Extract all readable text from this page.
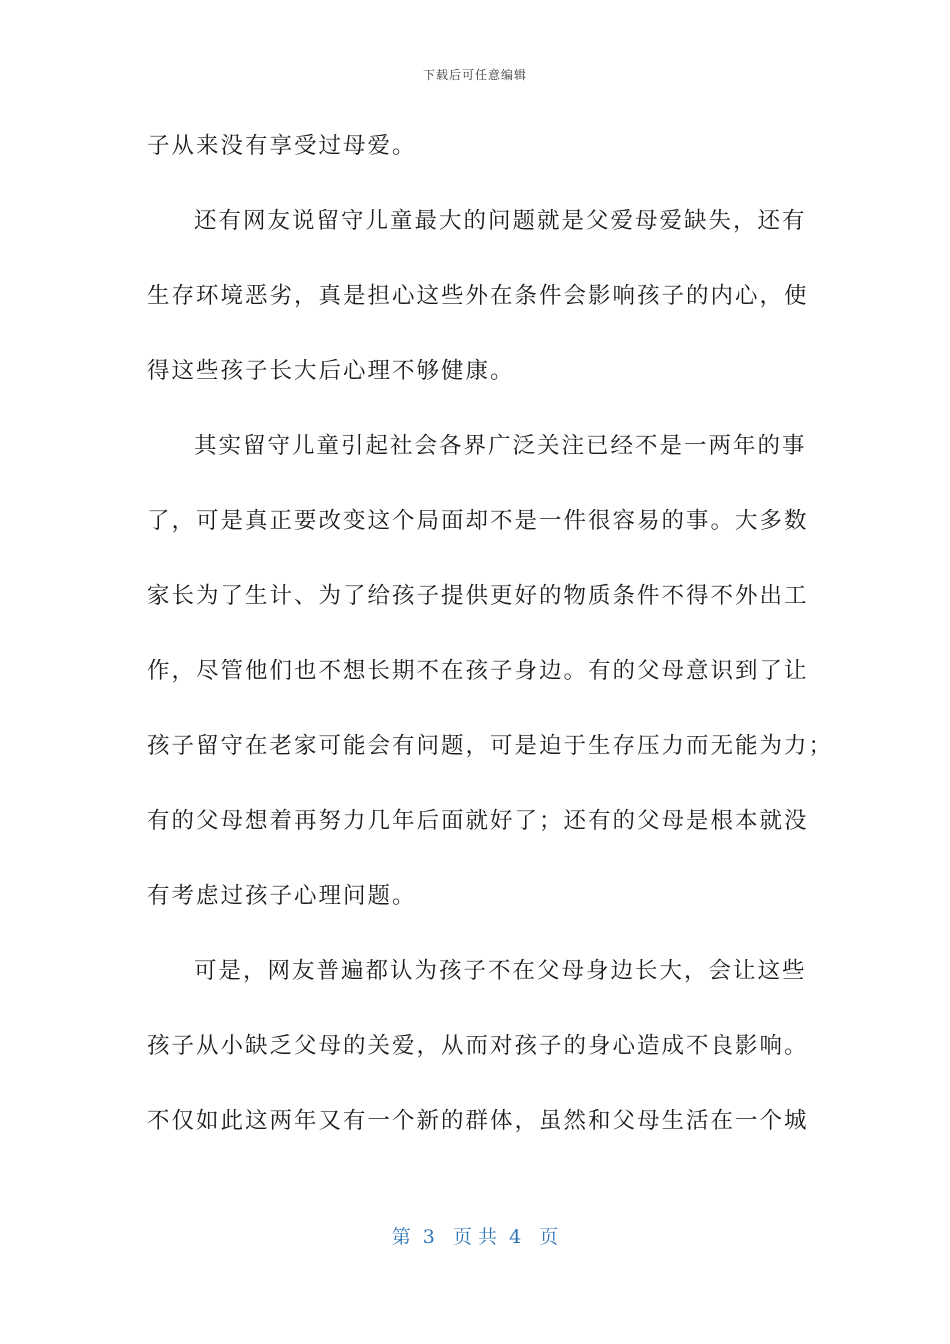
下载后可任意编辑
子从来没有享受过母爱。
还有网友说留守儿童最大的问题就是父爱母爱缺失，还有
生存环境恶劣，真是担心这些外在条件会影响孩子的内心，使
得这些孩子长大后心理不够健康。
其实留守儿童引起社会各界广泛关注已经不是一两年的事
了，可是真正要改变这个局面却不是一件很容易的事。大多数
家长为了生计、为了给孩子提供更好的物质条件不得不外出工
作，尽管他们也不想长期不在孩子身边。有的父母意识到了让
孩子留守在老家可能会有问题，可是迫于生存压力而无能为力；
有的父母想着再努力几年后面就好了；还有的父母是根本就没
有考虑过孩子心理问题。
可是，网友普遍都认为孩子不在父母身边长大，会让这些
孩子从小缺乏父母的关爱，从而对孩子的身心造成不良影响。
不仅如此这两年又有一个新的群体，虽然和父母生活在一个城
第  3   页 共  4   页
